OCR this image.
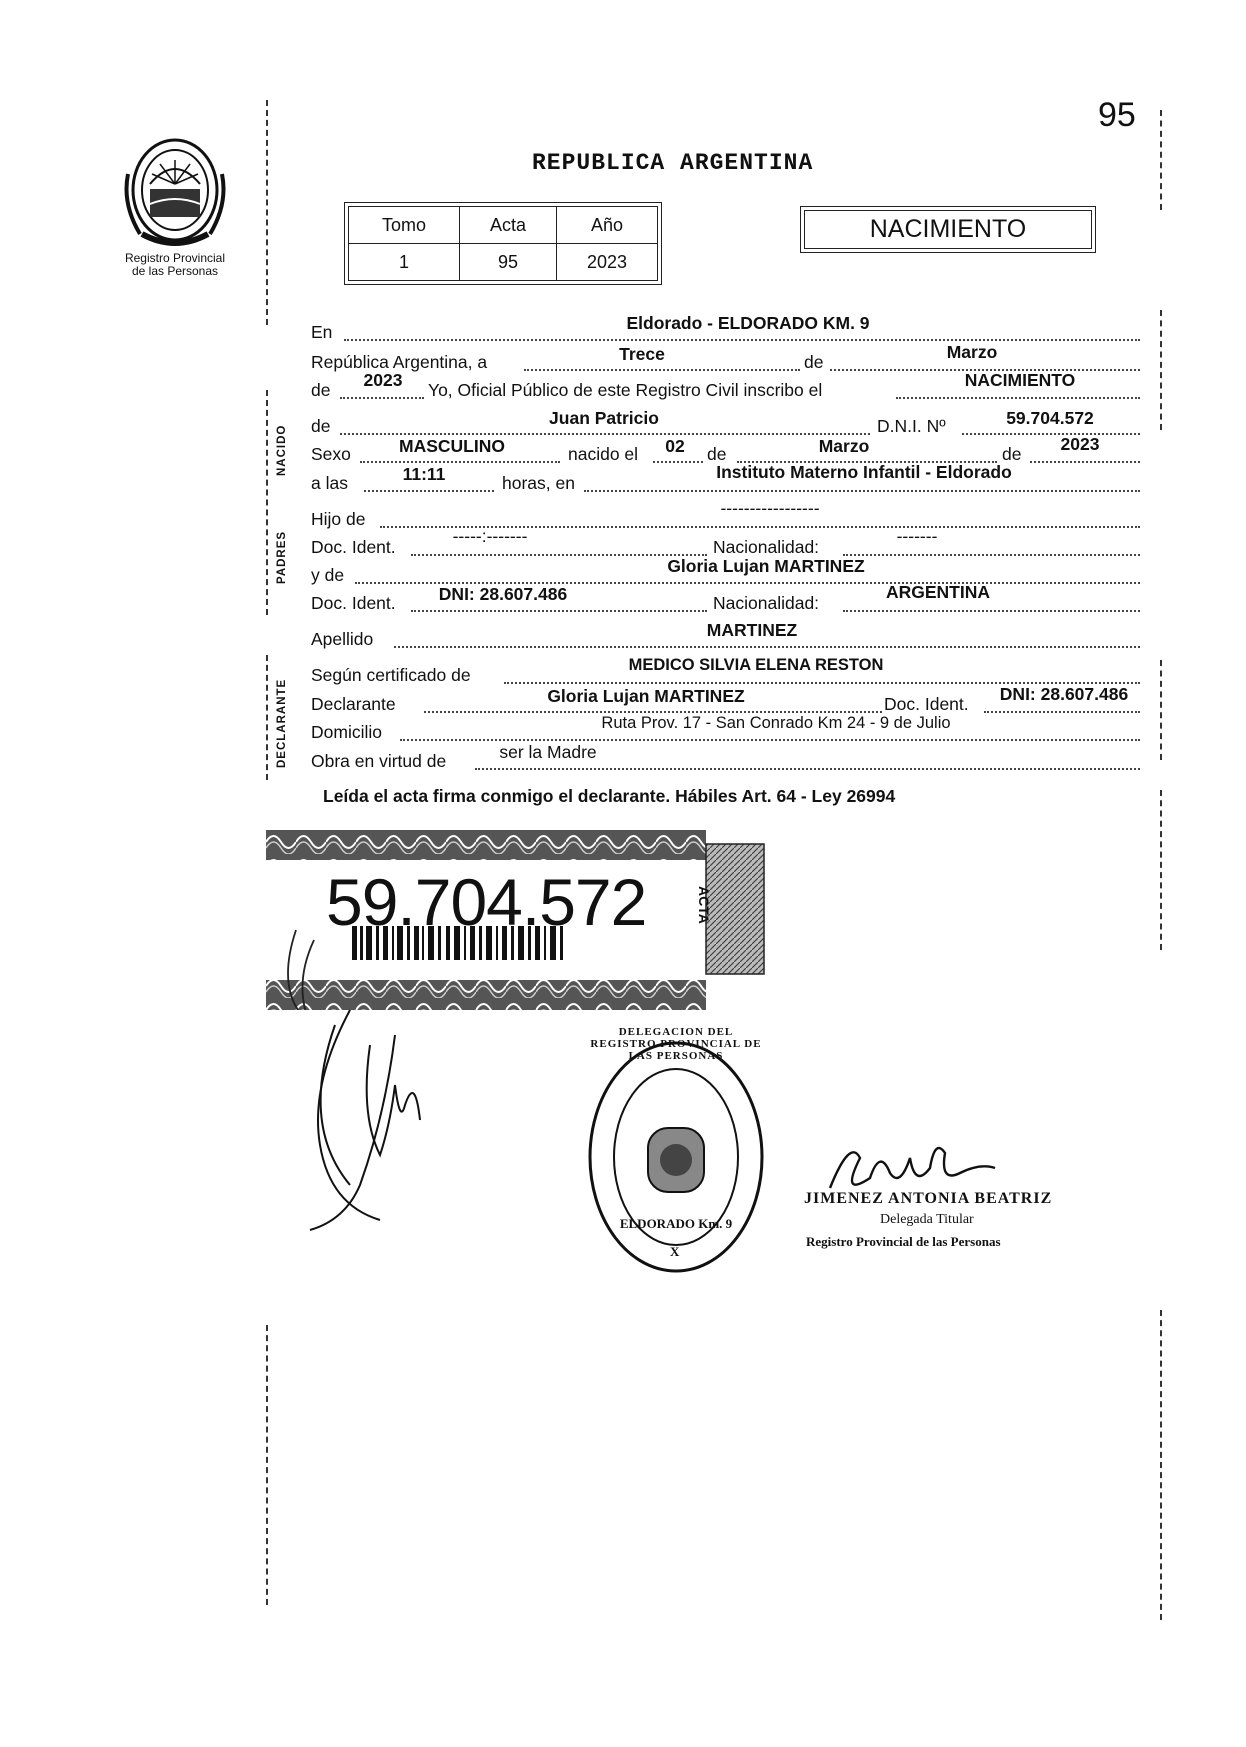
95
Registro Provincial
de las Personas
REPUBLICA ARGENTINA
Tomo	Acta	Año
1	95	2023
NACIMIENTO
NACIDO
PADRES
DECLARANTE
En	Eldorado - ELDORADO KM. 9
República Argentina, a	Trece	de	Marzo
de 2023 Yo, Oficial Público de este Registro Civil inscribo el	NACIMIENTO
de	Juan Patricio	D.N.I. Nº	59.704.572
Sexo	MASCULINO	nacido el 02 de	Marzo	de 2023
a las	11:11	horas, en
Instituto Materno Infantil - Eldorado
Hijo de
-----------------
Doc. Ident.
-----:-------
Nacionalidad:
-------
y de	Gloria Lujan MARTINEZ
Doc. Ident. DNI: 28.607.486	Nacionalidad:
ARGENTINA
Apellido	MARTINEZ
Según certificado de	MEDICO SILVIA ELENA RESTON
Declarante	Gloria Lujan MARTINEZ	Doc. Ident. DNI: 28.607.486
Domicilio	Ruta Prov. 17 - San Conrado Km 24 - 9 de Julio
Obra en virtud de	ser la Madre
Leída el acta firma conmigo el declarante. Hábiles Art. 64 - Ley 26994
59.704.572	ACTA
DELEGACION DEL REGISTRO PROVINCIAL DE LAS PERSONAS
ELDORADO Km. 9
X
JIMENEZ ANTONIA BEATRIZ
Delegada Titular
Registro Provincial de las Personas
